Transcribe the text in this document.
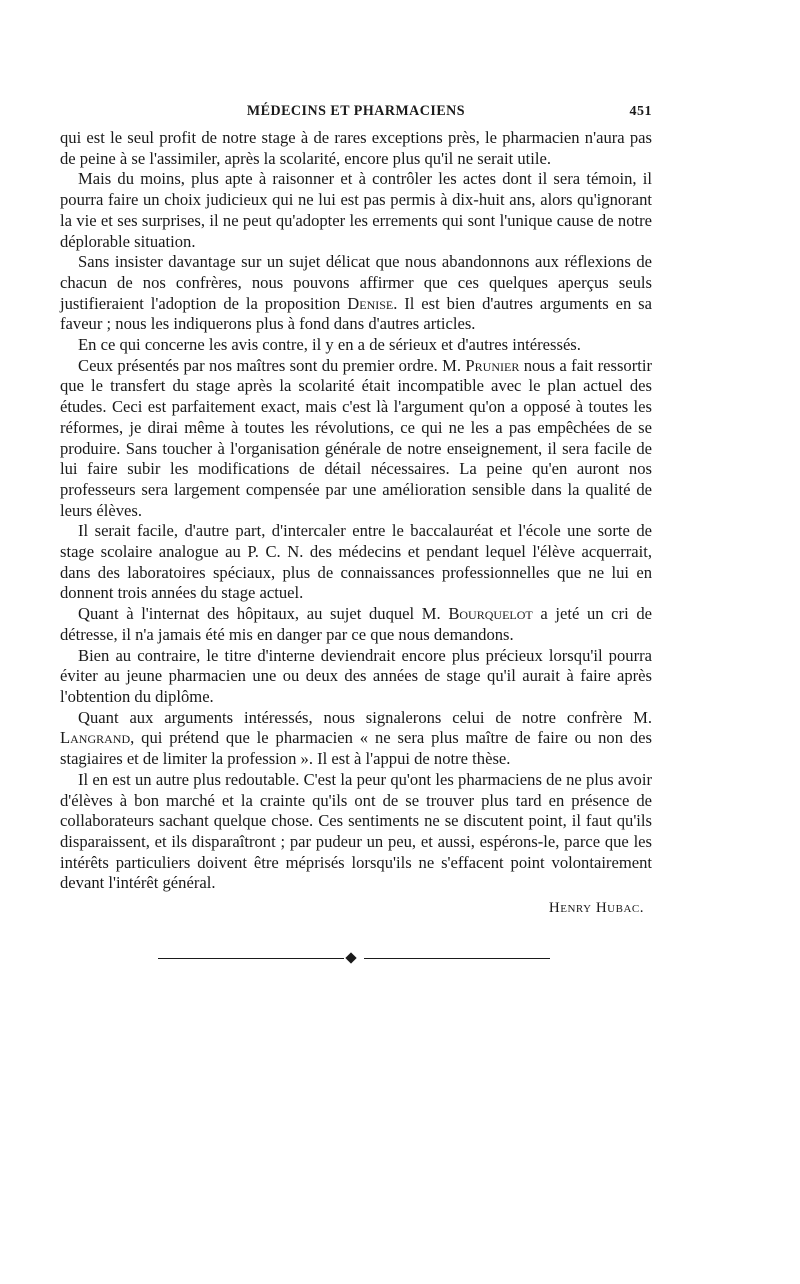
MÉDECINS ET PHARMACIENS	451

qui est le seul profit de notre stage à de rares exceptions près, le pharmacien n'aura pas de peine à se l'assimiler, après la scolarité, encore plus qu'il ne serait utile.

Mais du moins, plus apte à raisonner et à contrôler les actes dont il sera témoin, il pourra faire un choix judicieux qui ne lui est pas permis à dix-huit ans, alors qu'ignorant la vie et ses surprises, il ne peut qu'adopter les errements qui sont l'unique cause de notre déplorable situation.

Sans insister davantage sur un sujet délicat que nous abandonnons aux réflexions de chacun de nos confrères, nous pouvons affirmer que ces quelques aperçus seuls justifieraient l'adoption de la proposition Denise. Il est bien d'autres arguments en sa faveur ; nous les indiquerons plus à fond dans d'autres articles.

En ce qui concerne les avis contre, il y en a de sérieux et d'autres intéressés.

Ceux présentés par nos maîtres sont du premier ordre. M. Prunier nous a fait ressortir que le transfert du stage après la scolarité était incompatible avec le plan actuel des études. Ceci est parfaitement exact, mais c'est là l'argument qu'on a opposé à toutes les réformes, je dirai même à toutes les révolutions, ce qui ne les a pas empêchées de se produire. Sans toucher à l'organisation générale de notre enseignement, il sera facile de lui faire subir les modifications de détail nécessaires. La peine qu'en auront nos professeurs sera largement compensée par une amélioration sensible dans la qualité de leurs élèves.

Il serait facile, d'autre part, d'intercaler entre le baccalauréat et l'école une sorte de stage scolaire analogue au P. C. N. des médecins et pendant lequel l'élève acquerrait, dans des laboratoires spéciaux, plus de connaissances professionnelles que ne lui en donnent trois années du stage actuel.

Quant à l'internat des hôpitaux, au sujet duquel M. Bourquelot a jeté un cri de détresse, il n'a jamais été mis en danger par ce que nous demandons.

Bien au contraire, le titre d'interne deviendrait encore plus précieux lorsqu'il pourra éviter au jeune pharmacien une ou deux des années de stage qu'il aurait à faire après l'obtention du diplôme.

Quant aux arguments intéressés, nous signalerons celui de notre confrère M. Langrand, qui prétend que le pharmacien « ne sera plus maître de faire ou non des stagiaires et de limiter la profession ». Il est à l'appui de notre thèse.

Il en est un autre plus redoutable. C'est la peur qu'ont les pharmaciens de ne plus avoir d'élèves à bon marché et la crainte qu'ils ont de se trouver plus tard en présence de collaborateurs sachant quelque chose. Ces sentiments ne se discutent point, il faut qu'ils disparaissent, et ils disparaîtront ; par pudeur un peu, et aussi, espérons-le, parce que les intérêts particuliers doivent être méprisés lorsqu'ils ne s'effacent point volontairement devant l'intérêt général.

Henry Hubac.
